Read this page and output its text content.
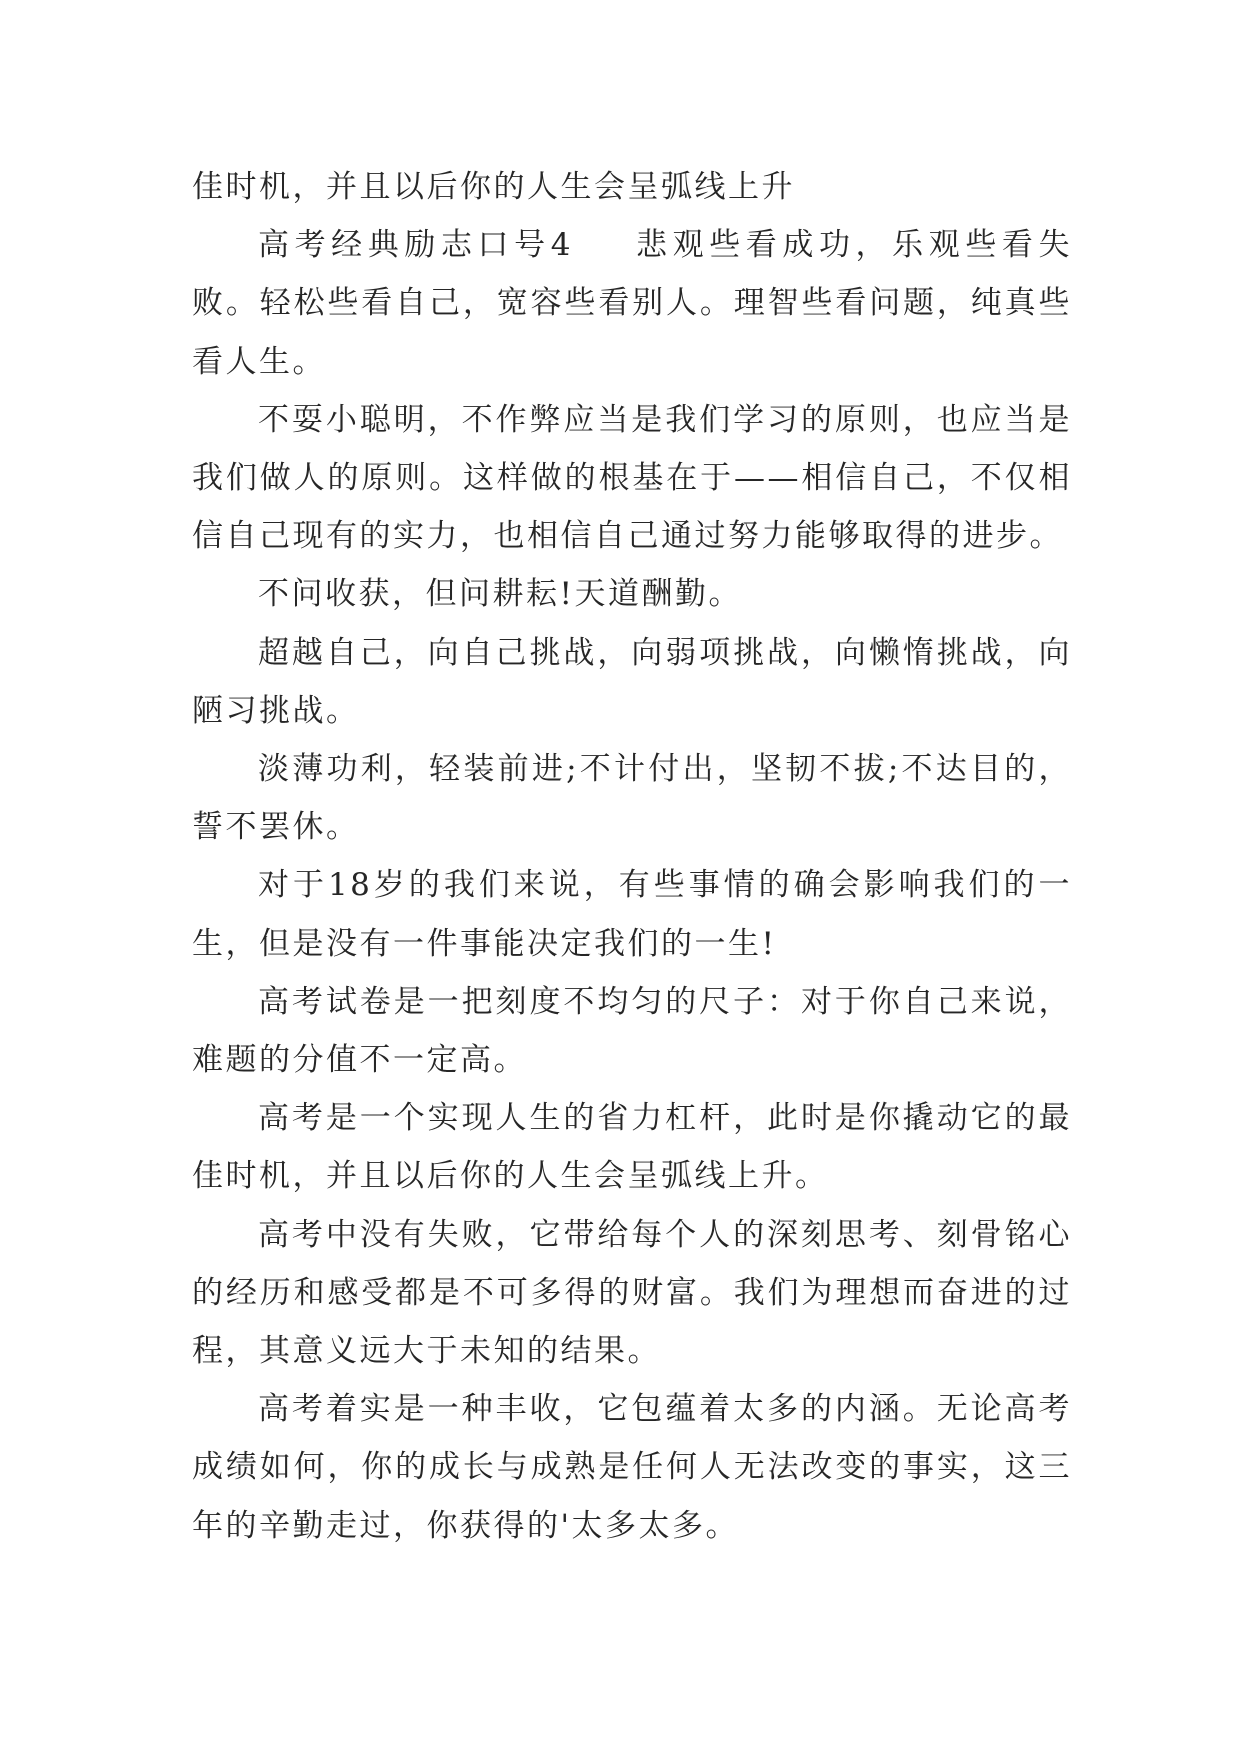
佳时机，并且以后你的人生会呈弧线上升

高考经典励志口号4 悲观些看成功，乐观些看失败。轻松些看自己，宽容些看别人。理智些看问题，纯真些看人生。

不耍小聪明，不作弊应当是我们学习的原则，也应当是我们做人的原则。这样做的根基在于——相信自己，不仅相信自己现有的实力，也相信自己通过努力能够取得的进步。

不问收获，但问耕耘!天道酬勤。

超越自己，向自己挑战，向弱项挑战，向懒惰挑战，向陋习挑战。

淡薄功利，轻装前进;不计付出，坚韧不拔;不达目的，誓不罢休。

对于18岁的我们来说，有些事情的确会影响我们的一生，但是没有一件事能决定我们的一生!

高考试卷是一把刻度不均匀的尺子：对于你自己来说，难题的分值不一定高。

高考是一个实现人生的省力杠杆，此时是你撬动它的最佳时机，并且以后你的人生会呈弧线上升。

高考中没有失败，它带给每个人的深刻思考、刻骨铭心的经历和感受都是不可多得的财富。我们为理想而奋进的过程，其意义远大于未知的结果。

高考着实是一种丰收，它包蕴着太多的内涵。无论高考成绩如何，你的成长与成熟是任何人无法改变的事实，这三年的辛勤走过，你获得的'太多太多。
